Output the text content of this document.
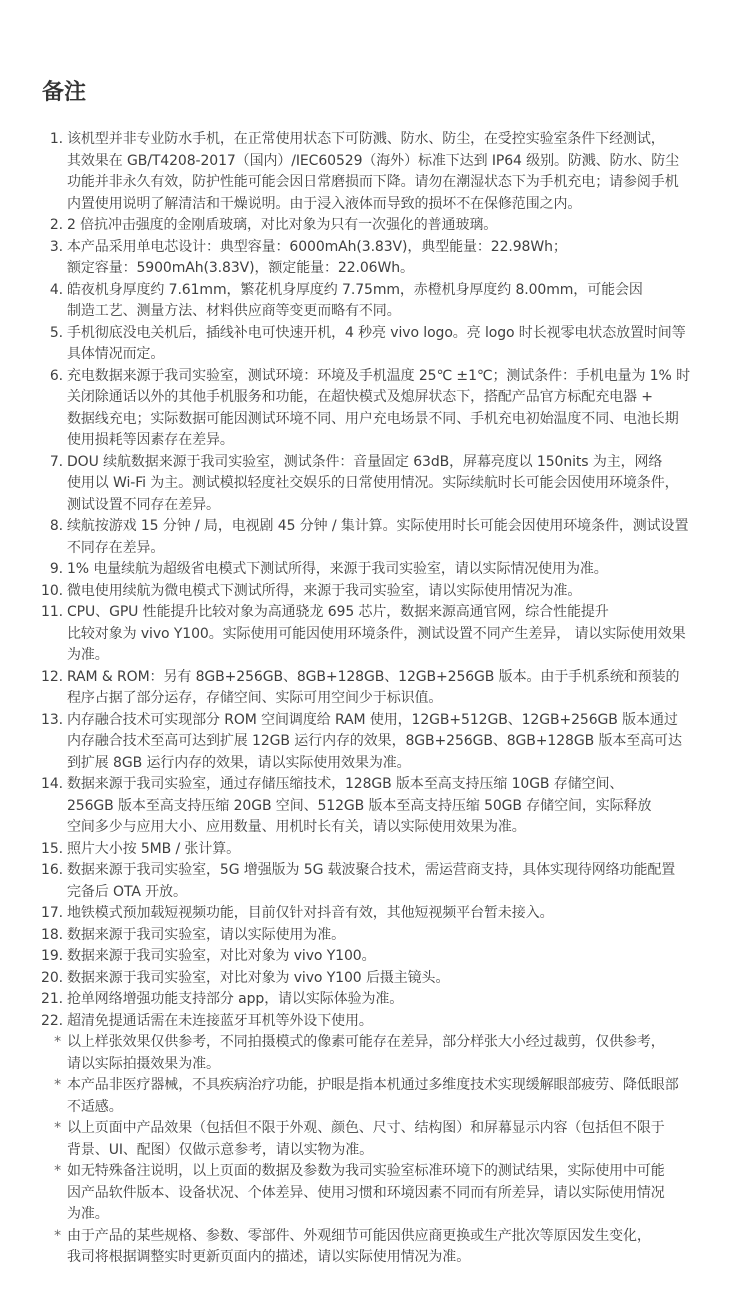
备注
1. 该机型并非专业防水手机，在正常使用状态下可防溅、防水、防尘，在受控实验室条件下经测试，
其效果在 GB/T4208-2017（国内）/IEC60529（海外）标准下达到 IP64 级别。防溅、防水、防尘
功能并非永久有效，防护性能可能会因日常磨损而下降。请勿在潮湿状态下为手机充电；请参阅手机
内置使用说明了解清洁和干燥说明。由于浸入液体而导致的损坏不在保修范围之内。
2. 2 倍抗冲击强度的金刚盾玻璃，对比对象为只有一次强化的普通玻璃。
3. 本产品采用单电芯设计：典型容量：6000mAh(3.83V)，典型能量：22.98Wh；
额定容量：5900mAh(3.83V)，额定能量：22.06Wh。
4. 皓夜机身厚度约 7.61mm，繁花机身厚度约 7.75mm，赤橙机身厚度约 8.00mm，可能会因
制造工艺、测量方法、材料供应商等变更而略有不同。
5. 手机彻底没电关机后，插线补电可快速开机，4 秒亮 vivo logo。亮 logo 时长视零电状态放置时间等
具体情况而定。
6. 充电数据来源于我司实验室，测试环境：环境及手机温度 25℃ ±1℃；测试条件：手机电量为 1% 时
关闭除通话以外的其他手机服务和功能，在超快模式及熄屏状态下，搭配产品官方标配充电器 +
数据线充电；实际数据可能因测试环境不同、用户充电场景不同、手机充电初始温度不同、电池长期
使用损耗等因素存在差异。
7. DOU 续航数据来源于我司实验室，测试条件：音量固定 63dB，屏幕亮度以 150nits 为主，网络
使用以 Wi-Fi 为主。测试模拟轻度社交娱乐的日常使用情况。实际续航时长可能会因使用环境条件，
测试设置不同存在差异。
8. 续航按游戏 15 分钟 / 局，电视剧 45 分钟 / 集计算。实际使用时长可能会因使用环境条件，测试设置
不同存在差异。
9. 1% 电量续航为超级省电模式下测试所得，来源于我司实验室，请以实际情况使用为准。
10. 微电使用续航为微电模式下测试所得，来源于我司实验室，请以实际使用情况为准。
11. CPU、GPU 性能提升比较对象为高通骁龙 695 芯片，数据来源高通官网，综合性能提升
比较对象为 vivo Y100。实际使用可能因使用环境条件，测试设置不同产生差异， 请以实际使用效果
为准。
12. RAM & ROM：另有 8GB+256GB、8GB+128GB、12GB+256GB 版本。由于手机系统和预装的
程序占据了部分运存，存储空间、实际可用空间少于标识值。
13. 内存融合技术可实现部分 ROM 空间调度给 RAM 使用，12GB+512GB、12GB+256GB 版本通过
内存融合技术至高可达到扩展 12GB 运行内存的效果，8GB+256GB、8GB+128GB 版本至高可达
到扩展 8GB 运行内存的效果，请以实际使用效果为准。
14. 数据来源于我司实验室，通过存储压缩技术，128GB 版本至高支持压缩 10GB 存储空间、
256GB 版本至高支持压缩 20GB 空间、512GB 版本至高支持压缩 50GB 存储空间，实际释放
空间多少与应用大小、应用数量、用机时长有关，请以实际使用效果为准。
15. 照片大小按 5MB / 张计算。
16. 数据来源于我司实验室，5G 增强版为 5G 载波聚合技术，需运营商支持，具体实现待网络功能配置
完备后 OTA 开放。
17. 地铁模式预加载短视频功能，目前仅针对抖音有效，其他短视频平台暂未接入。
18. 数据来源于我司实验室，请以实际使用为准。
19. 数据来源于我司实验室，对比对象为 vivo Y100。
20. 数据来源于我司实验室，对比对象为 vivo Y100 后摄主镜头。
21. 抢单网络增强功能支持部分 app，请以实际体验为准。
22. 超清免提通话需在未连接蓝牙耳机等外设下使用。
* 以上样张效果仅供参考，不同拍摄模式的像素可能存在差异，部分样张大小经过裁剪，仅供参考，
请以实际拍摄效果为准。
* 本产品非医疗器械，不具疾病治疗功能，护眼是指本机通过多维度技术实现缓解眼部疲劳、降低眼部
不适感。
* 以上页面中产品效果（包括但不限于外观、颜色、尺寸、结构图）和屏幕显示内容（包括但不限于
背景、UI、配图）仅做示意参考，请以实物为准。
* 如无特殊备注说明，以上页面的数据及参数为我司实验室标准环境下的测试结果，实际使用中可能
因产品软件版本、设备状况、个体差异、使用习惯和环境因素不同而有所差异，请以实际使用情况
为准。
* 由于产品的某些规格、参数、零部件、外观细节可能因供应商更换或生产批次等原因发生变化，
我司将根据调整实时更新页面内的描述，请以实际使用情况为准。
